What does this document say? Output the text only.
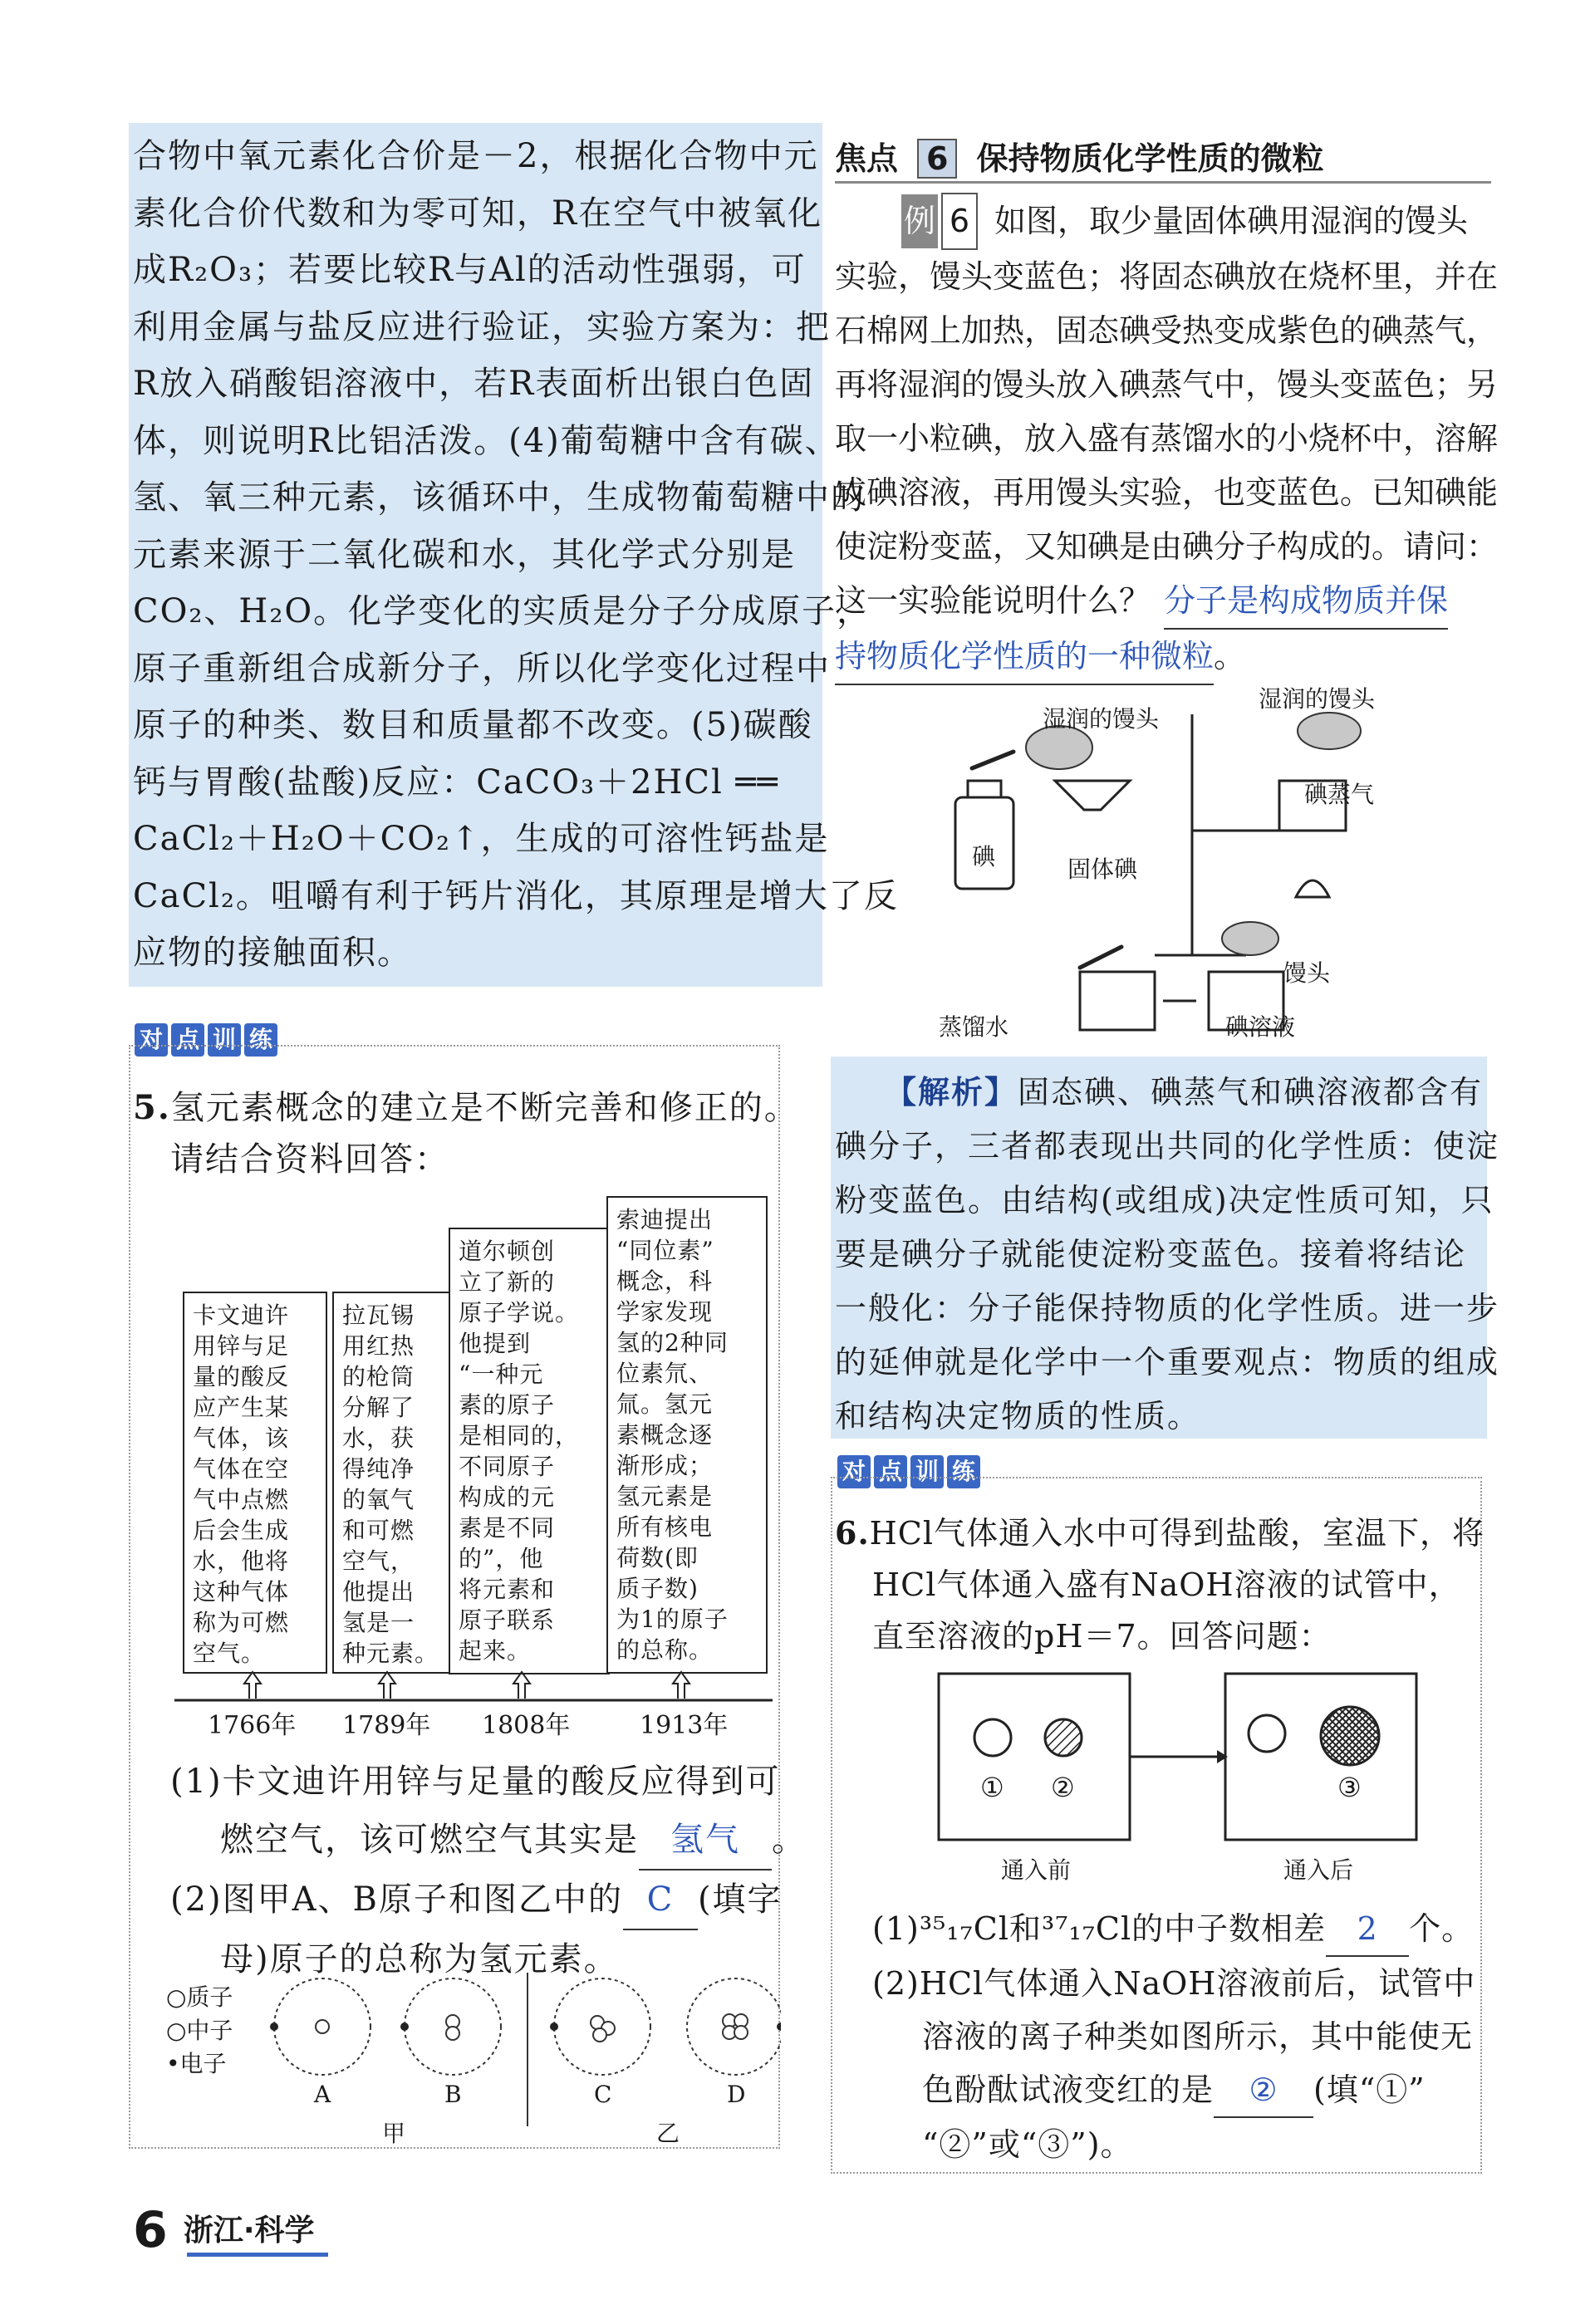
合物中氧元素化合价是－2，根据化合物中元
素化合价代数和为零可知，R在空气中被氧化
成R₂O₃；若要比较R与Al的活动性强弱，可
利用金属与盐反应进行验证，实验方案为：把
R放入硝酸铝溶液中，若R表面析出银白色固
体，则说明R比铝活泼。(4)葡萄糖中含有碳、
氢、氧三种元素，该循环中，生成物葡萄糖中的
元素来源于二氧化碳和水，其化学式分别是
CO₂、H₂O。化学变化的实质是分子分成原子，
原子重新组合成新分子，所以化学变化过程中
原子的种类、数目和质量都不改变。(5)碳酸
钙与胃酸(盐酸)反应：CaCO₃＋2HCl ══
CaCl₂＋H₂O＋CO₂↑，生成的可溶性钙盐是
CaCl₂。咀嚼有利于钙片消化，其原理是增大了反
应物的接触面积。
对 点 训 练
5.氢元素概念的建立是不断完善和修正的。
请结合资料回答：
卡文迪许
用锌与足
量的酸反
应产生某
气体，该
气体在空
气中点燃
后会生成
水，他将
这种气体
称为可燃
空气。
拉瓦锡
用红热
的枪筒
分解了
水，获
得纯净
的氧气
和可燃
空气，
他提出
氢是一
种元素。
道尔顿创
立了新的
原子学说。
他提到
“一种元
素的原子
是相同的，
不同原子
构成的元
素是不同
的”，他
将元素和
原子联系
起来。
索迪提出
“同位素”
概念，科
学家发现
氢的2种同
位素氘、
氚。氢元
素概念逐
渐形成；
氢元素是
所有核电
荷数(即
质子数)
为1的原子
的总称。
1766年 1789年 1808年	1913年
(1)卡文迪许用锌与足量的酸反应得到可
燃空气，该可燃空气其实是 氢气 。
(2)图甲A、B原子和图乙中的 C (填字
母)原子的总称为氢元素。
○质子
○中子
•电子
A	B	C	D
甲	乙
焦点 6 保持物质化学性质的微粒
例 6 如图，取少量固体碘用湿润的馒头
实验，馒头变蓝色；将固态碘放在烧杯里，并在
石棉网上加热，固态碘受热变成紫色的碘蒸气，
再将湿润的馒头放入碘蒸气中，馒头变蓝色；另
取一小粒碘，放入盛有蒸馏水的小烧杯中，溶解
成碘溶液，再用馒头实验，也变蓝色。已知碘能
使淀粉变蓝，又知碘是由碘分子构成的。请问：
这一实验能说明什么？ 分子是构成物质并保
持物质化学性质的一种微粒。
湿润的馒头
湿润的馒头
碘蒸气
碘	固体碘
馒头
蒸馏水	碘溶液
【解析】固态碘、碘蒸气和碘溶液都含有
碘分子，三者都表现出共同的化学性质：使淀
粉变蓝色。由结构(或组成)决定性质可知，只
要是碘分子就能使淀粉变蓝色。接着将结论
一般化：分子能保持物质的化学性质。进一步
的延伸就是化学中一个重要观点：物质的组成
和结构决定物质的性质。
对 点 训 练
6.HCl气体通入水中可得到盐酸，室温下，将
HCl气体通入盛有NaOH溶液的试管中，
直至溶液的pH＝7。回答问题：
① ②	③
通入前	通入后
(1)³⁵₁₇Cl和³⁷₁₇Cl的中子数相差 2 个。
(2)HCl气体通入NaOH溶液前后，试管中
溶液的离子种类如图所示，其中能使无
色酚酞试液变红的是 ② (填“①”
“②”或“③”)。
6 浙江·科学
